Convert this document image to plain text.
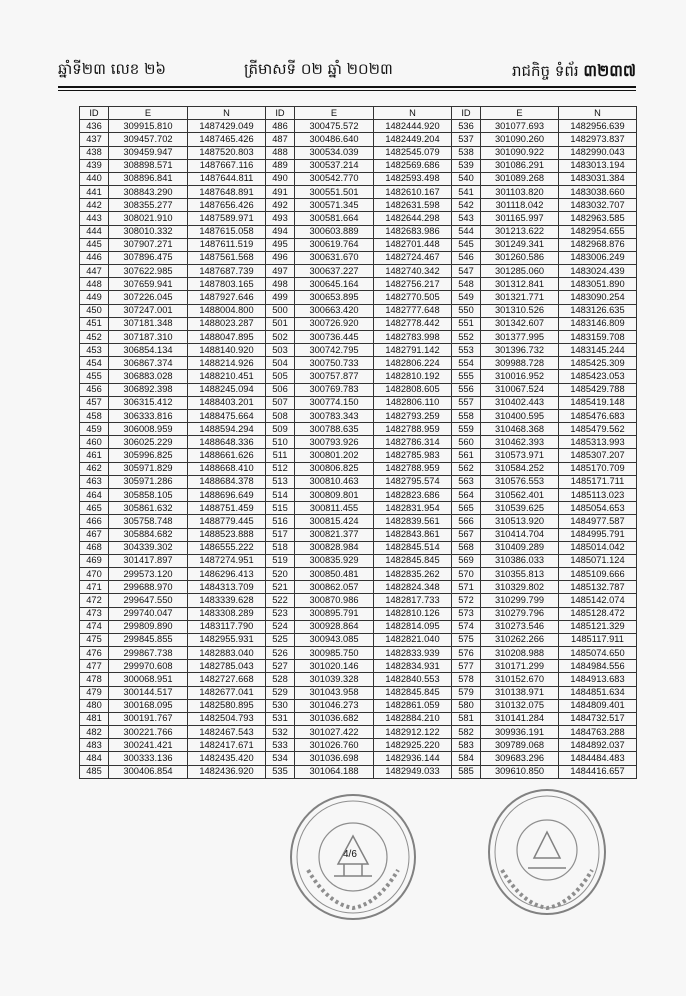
ឆ្នាំទី២៣ លេខ ២៦	ត្រីមាសទី ០២ ឆ្នាំ ២០២៣	រាជកិច្ច ទំព័រ ៣២៣៧
ID	E	N	ID	E	N	ID	E	N
436	309915.810	1487429.049	486	300475.572	1482444.920	536	301077.693	1482956.639
437	309457.702	1487465.426	487	300486.640	1482449.204	537	301090.260	1482973.837
438	309459.947	1487520.803	488	300534.039	1482545.079	538	301090.922	1482990.043
439	308898.571	1487667.116	489	300537.214	1482569.686	539	301086.291	1483013.194
440	308896.841	1487644.811	490	300542.770	1482593.498	540	301089.268	1483031.384
441	308843.290	1487648.891	491	300551.501	1482610.167	541	301103.820	1483038.660
442	308355.277	1487656.426	492	300571.345	1482631.598	542	301118.042	1483032.707
443	308021.910	1487589.971	493	300581.664	1482644.298	543	301165.997	1482963.585
444	308010.332	1487615.058	494	300603.889	1482683.986	544	301213.622	1482954.655
445	307907.271	1487611.519	495	300619.764	1482701.448	545	301249.341	1482968.876
446	307896.475	1487561.568	496	300631.670	1482724.467	546	301260.586	1483006.249
447	307622.985	1487687.739	497	300637.227	1482740.342	547	301285.060	1483024.439
448	307659.941	1487803.165	498	300645.164	1482756.217	548	301312.841	1483051.890
449	307226.045	1487927.646	499	300653.895	1482770.505	549	301321.771	1483090.254
450	307247.001	1488004.800	500	300663.420	1482777.648	550	301310.526	1483126.635
451	307181.348	1488023.287	501	300726.920	1482778.442	551	301342.607	1483146.809
452	307187.310	1488047.895	502	300736.445	1482783.998	552	301377.995	1483159.708
453	306854.134	1488140.920	503	300742.795	1482791.142	553	301396.732	1483145.244
454	306867.374	1488214.926	504	300750.733	1482806.224	554	309988.728	1485425.309
455	306883.028	1488210.451	505	300757.877	1482810.192	555	310016.952	1485423.053
456	306892.398	1488245.094	506	300769.783	1482808.605	556	310067.524	1485429.788
457	306315.412	1488403.201	507	300774.150	1482806.110	557	310402.443	1485419.148
458	306333.816	1488475.664	508	300783.343	1482793.259	558	310400.595	1485476.683
459	306008.959	1488594.294	509	300788.635	1482788.959	559	310468.368	1485479.562
460	306025.229	1488648.336	510	300793.926	1482786.314	560	310462.393	1485313.993
461	305996.825	1488661.626	511	300801.202	1482785.983	561	310573.971	1485307.207
462	305971.829	1488668.410	512	300806.825	1482788.959	562	310584.252	1485170.709
463	305971.286	1488684.378	513	300810.463	1482795.574	563	310576.553	1485171.711
464	305858.105	1488696.649	514	300809.801	1482823.686	564	310562.401	1485113.023
465	305861.632	1488751.459	515	300811.455	1482831.954	565	310539.625	1485054.653
466	305758.748	1488779.445	516	300815.424	1482839.561	566	310513.920	1484977.587
467	305884.682	1488523.888	517	300821.377	1482843.861	567	310414.704	1484995.791
468	304339.302	1486555.222	518	300828.984	1482845.514	568	310409.289	1485014.042
469	301417.897	1487274.951	519	300835.929	1482845.845	569	310386.033	1485071.124
470	299573.120	1486296.413	520	300850.481	1482835.262	570	310355.813	1485109.666
471	299688.970	1484313.709	521	300862.057	1482824.348	571	310329.802	1485132.787
472	299647.550	1483339.628	522	300870.986	1482817.733	572	310299.799	1485142.074
473	299740.047	1483308.289	523	300895.791	1482810.126	573	310279.796	1485128.472
474	299809.890	1483117.790	524	300928.864	1482814.095	574	310273.546	1485121.329
475	299845.855	1482955.931	525	300943.085	1482821.040	575	310262.266	1485117.911
476	299867.738	1482883.040	526	300985.750	1482833.939	576	310208.988	1485074.650
477	299970.608	1482785.043	527	301020.146	1482834.931	577	310171.299	1484984.556
478	300068.951	1482727.668	528	301039.328	1482840.553	578	310152.670	1484913.683
479	300144.517	1482677.041	529	301043.958	1482845.845	579	310138.971	1484851.634
480	300168.095	1482580.895	530	301046.273	1482861.059	580	310132.075	1484809.401
481	300191.767	1482504.793	531	301036.682	1482884.210	581	310141.284	1484732.517
482	300221.766	1482467.543	532	301027.422	1482912.122	582	309936.191	1484763.288
483	300241.421	1482417.671	533	301026.760	1482925.220	583	309789.068	1484892.037
484	300333.136	1482435.420	534	301036.698	1482936.144	584	309683.296	1484484.483
485	300406.854	1482436.920	535	301064.188	1482949.033	585	309610.850	1484416.657
4/6
